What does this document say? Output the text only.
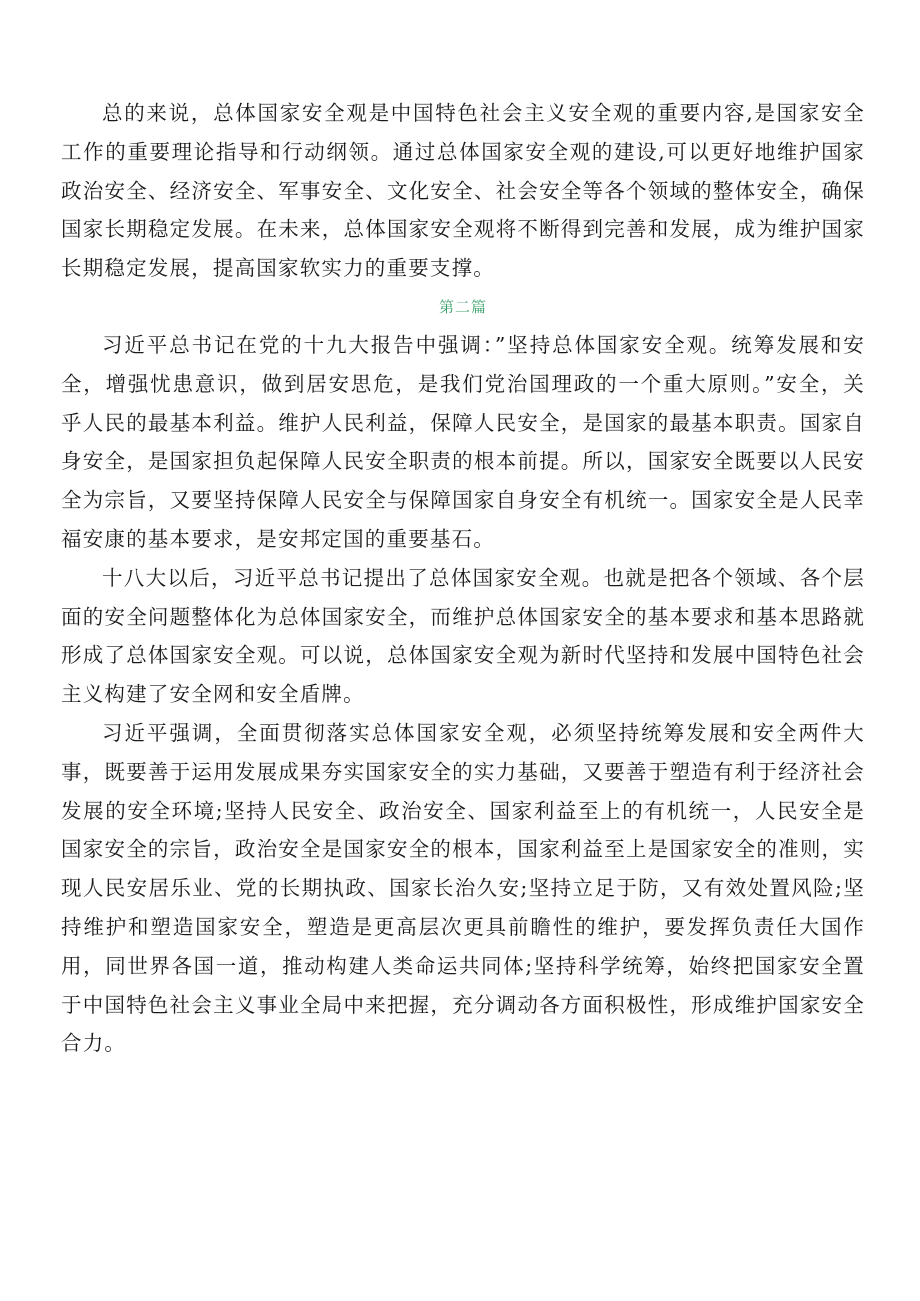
总的来说，总体国家安全观是中国特色社会主义安全观的重要内容,是国家安全工作的重要理论指导和行动纲领。通过总体国家安全观的建设,可以更好地维护国家政治安全、经济安全、军事安全、文化安全、社会安全等各个领域的整体安全，确保国家长期稳定发展。在未来，总体国家安全观将不断得到完善和发展，成为维护国家长期稳定发展，提高国家软实力的重要支撑。

第二篇

习近平总书记在党的十九大报告中强调：”坚持总体国家安全观。统筹发展和安全，增强忧患意识，做到居安思危，是我们党治国理政的一个重大原则。”安全，关乎人民的最基本利益。维护人民利益，保障人民安全，是国家的最基本职责。国家自身安全，是国家担负起保障人民安全职责的根本前提。所以，国家安全既要以人民安全为宗旨，又要坚持保障人民安全与保障国家自身安全有机统一。国家安全是人民幸福安康的基本要求，是安邦定国的重要基石。

十八大以后，习近平总书记提出了总体国家安全观。也就是把各个领域、各个层面的安全问题整体化为总体国家安全，而维护总体国家安全的基本要求和基本思路就形成了总体国家安全观。可以说，总体国家安全观为新时代坚持和发展中国特色社会主义构建了安全网和安全盾牌。

习近平强调，全面贯彻落实总体国家安全观，必须坚持统筹发展和安全两件大事，既要善于运用发展成果夯实国家安全的实力基础，又要善于塑造有利于经济社会发展的安全环境;坚持人民安全、政治安全、国家利益至上的有机统一，人民安全是国家安全的宗旨，政治安全是国家安全的根本，国家利益至上是国家安全的准则，实现人民安居乐业、党的长期执政、国家长治久安;坚持立足于防，又有效处置风险;坚持维护和塑造国家安全，塑造是更高层次更具前瞻性的维护，要发挥负责任大国作用，同世界各国一道，推动构建人类命运共同体;坚持科学统筹，始终把国家安全置于中国特色社会主义事业全局中来把握，充分调动各方面积极性，形成维护国家安全合力。
